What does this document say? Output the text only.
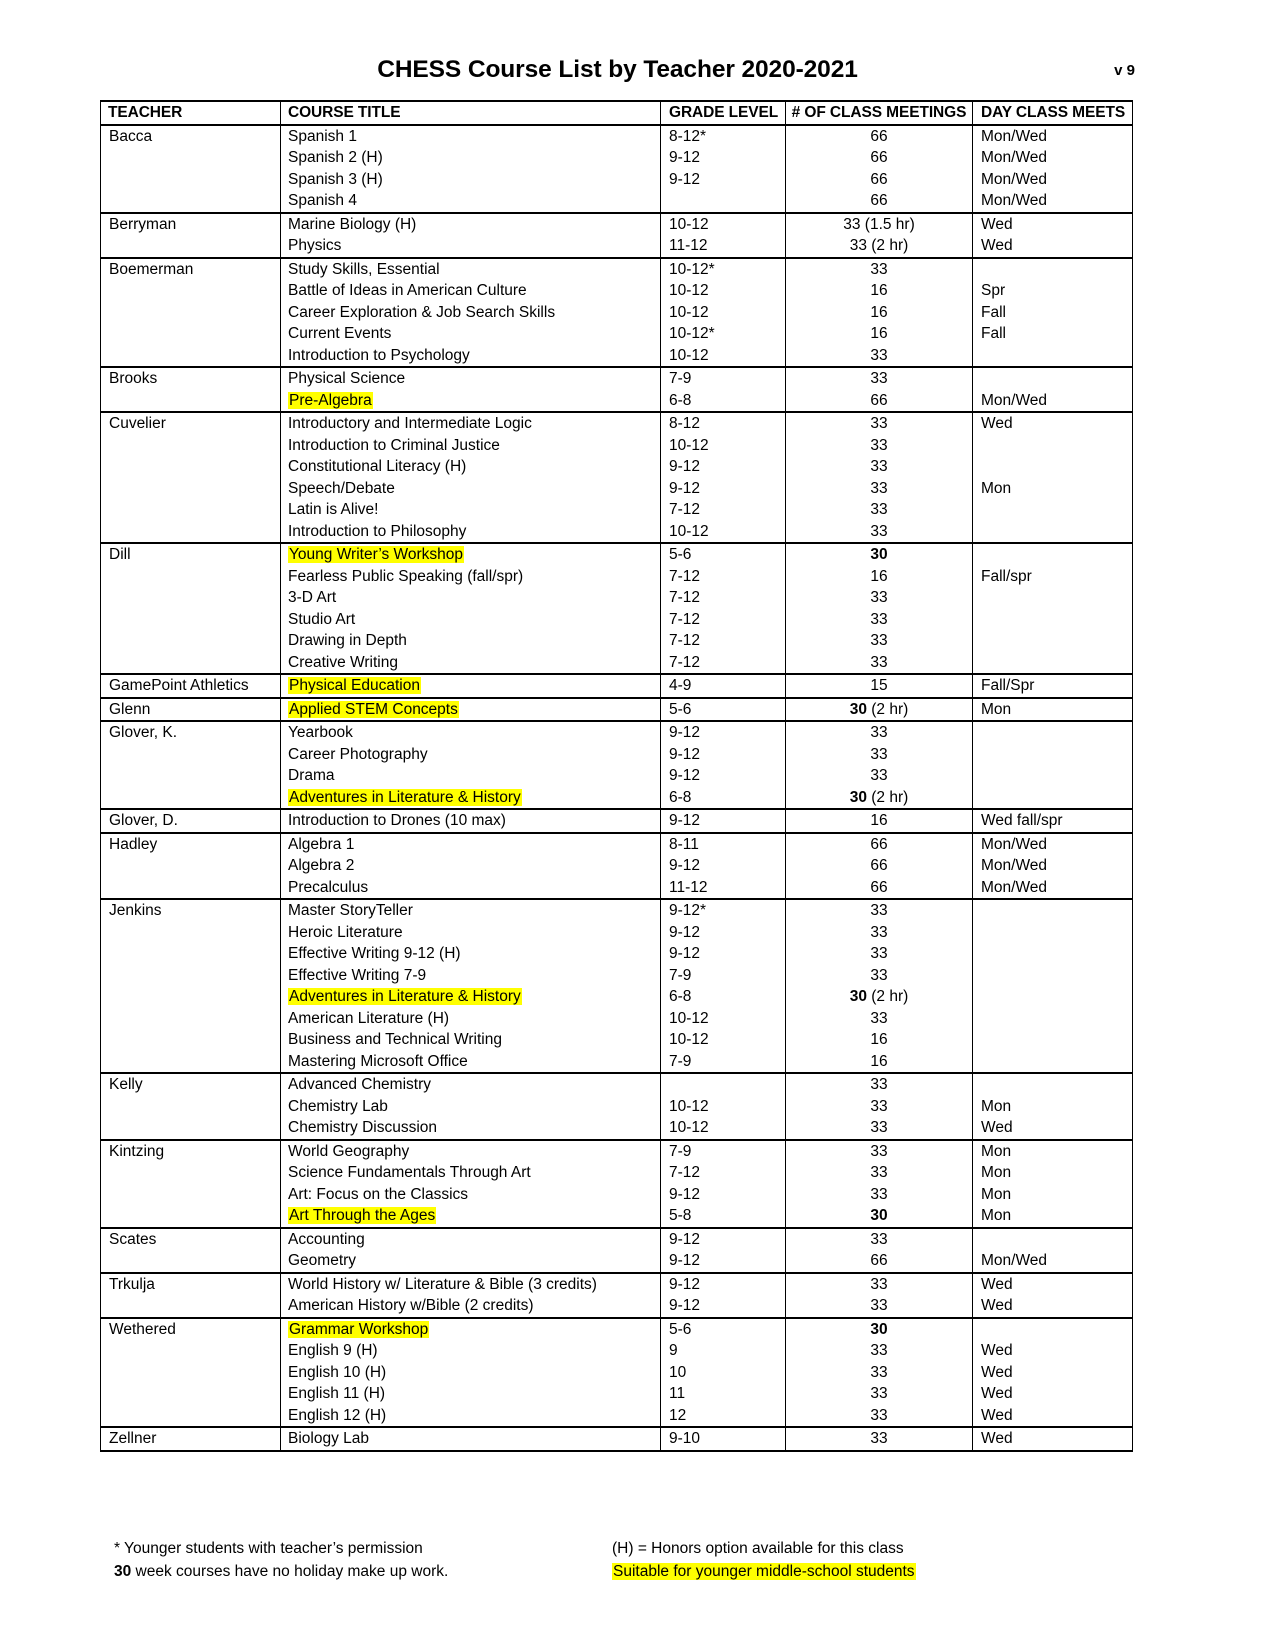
CHESS Course List by Teacher 2020-2021	v 9
TEACHER	COURSE TITLE	GRADE LEVEL	# OF CLASS MEETINGS	DAY CLASS MEETS
Bacca	Spanish 1	8-12*	66	Mon/Wed
	Spanish 2 (H)	9-12	66	Mon/Wed
	Spanish 3 (H)	9-12	66	Mon/Wed
	Spanish 4		66	Mon/Wed
Berryman	Marine Biology (H)	10-12	33 (1.5 hr)	Wed
	Physics	11-12	33 (2 hr)	Wed
Boemerman	Study Skills, Essential	10-12*	33	
	Battle of Ideas in American Culture	10-12	16	Spr
	Career Exploration & Job Search Skills	10-12	16	Fall
	Current Events	10-12*	16	Fall
	Introduction to Psychology	10-12	33	
Brooks	Physical Science	7-9	33	
	Pre-Algebra	6-8	66	Mon/Wed
Cuvelier	Introductory and Intermediate Logic	8-12	33	Wed
	Introduction to Criminal Justice	10-12	33	
	Constitutional Literacy (H)	9-12	33	
	Speech/Debate	9-12	33	Mon
	Latin is Alive!	7-12	33	
	Introduction to Philosophy	10-12	33	
Dill	Young Writer’s Workshop	5-6	30	
	Fearless Public Speaking (fall/spr)	7-12	16	Fall/spr
	3-D Art	7-12	33	
	Studio Art	7-12	33	
	Drawing in Depth	7-12	33	
	Creative Writing	7-12	33	
GamePoint Athletics	Physical Education	4-9	15	Fall/Spr
Glenn	Applied STEM Concepts	5-6	30 (2 hr)	Mon
Glover, K.	Yearbook	9-12	33	
	Career Photography	9-12	33	
	Drama	9-12	33	
	Adventures in Literature & History	6-8	30 (2 hr)	
Glover, D.	Introduction to Drones (10 max)	9-12	16	Wed fall/spr
Hadley	Algebra 1	8-11	66	Mon/Wed
	Algebra 2	9-12	66	Mon/Wed
	Precalculus	11-12	66	Mon/Wed
Jenkins	Master StoryTeller	9-12*	33	
	Heroic Literature	9-12	33	
	Effective Writing 9-12 (H)	9-12	33	
	Effective Writing 7-9	7-9	33	
	Adventures in Literature & History	6-8	30 (2 hr)	
	American Literature (H)	10-12	33	
	Business and Technical Writing	10-12	16	
	Mastering Microsoft Office	7-9	16	
Kelly	Advanced Chemistry		33	
	Chemistry Lab	10-12	33	Mon
	Chemistry Discussion	10-12	33	Wed
Kintzing	World Geography	7-9	33	Mon
	Science Fundamentals Through Art	7-12	33	Mon
	Art: Focus on the Classics	9-12	33	Mon
	Art Through the Ages	5-8	30	Mon
Scates	Accounting	9-12	33	
	Geometry	9-12	66	Mon/Wed
Trkulja	World History w/ Literature & Bible (3 credits)	9-12	33	Wed
	American History w/Bible (2 credits)	9-12	33	Wed
Wethered	Grammar Workshop	5-6	30	
	English 9 (H)	9	33	Wed
	English 10 (H)	10	33	Wed
	English 11 (H)	11	33	Wed
	English 12 (H)	12	33	Wed
Zellner	Biology Lab	9-10	33	Wed
* Younger students with teacher’s permission	(H) = Honors option available for this class
30 week courses have no holiday make up work.	Suitable for younger middle-school students
